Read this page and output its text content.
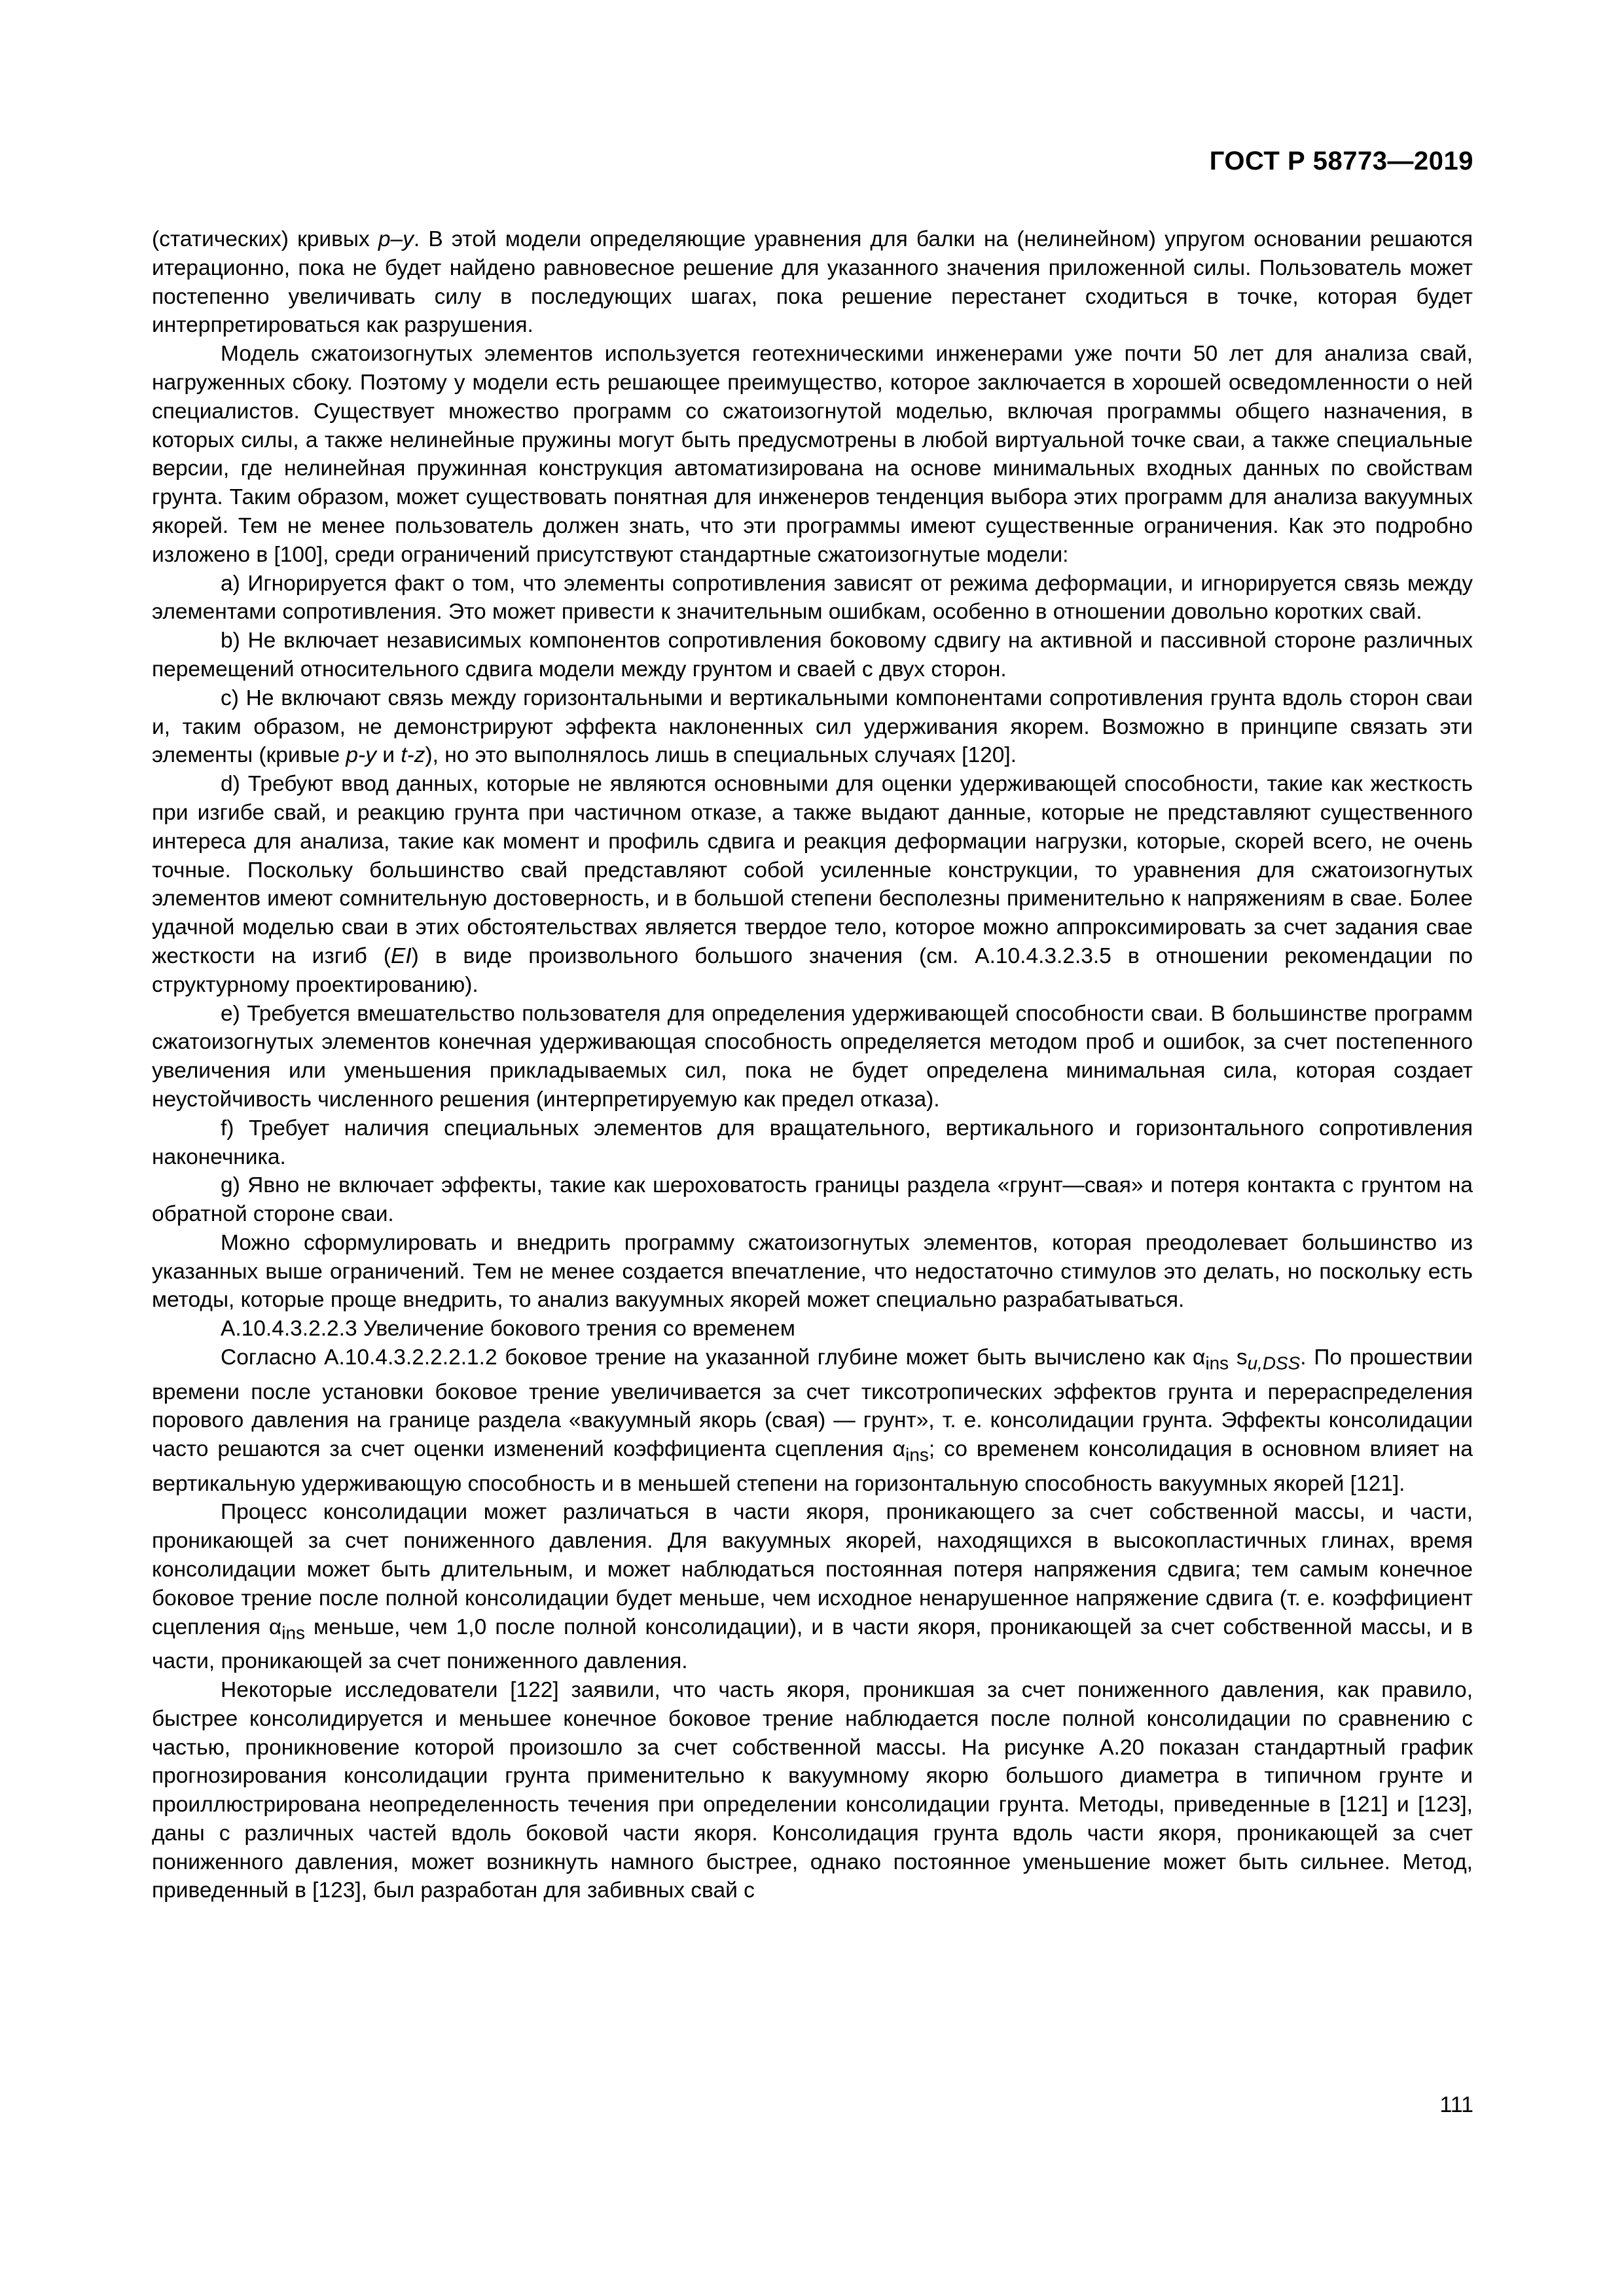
ГОСТ Р 58773—2019

(статических) кривых p–y. В этой модели определяющие уравнения для балки на (нелинейном) упругом основании решаются итерационно, пока не будет найдено равновесное решение для указанного значения приложенной силы. Пользователь может постепенно увеличивать силу в последующих шагах, пока решение перестанет сходиться в точке, которая будет интерпретироваться как разрушения.

Модель сжатоизогнутых элементов используется геотехническими инженерами уже почти 50 лет для анализа свай, нагруженных сбоку. Поэтому у модели есть решающее преимущество, которое заключается в хорошей осведомленности о ней специалистов. Существует множество программ со сжатоизогнутой моделью, включая программы общего назначения, в которых силы, а также нелинейные пружины могут быть предусмотрены в любой виртуальной точке сваи, а также специальные версии, где нелинейная пружинная конструкция автоматизирована на основе минимальных входных данных по свойствам грунта. Таким образом, может существовать понятная для инженеров тенденция выбора этих программ для анализа вакуумных якорей. Тем не менее пользователь должен знать, что эти программы имеют существенные ограничения. Как это подробно изложено в [100], среди ограничений присутствуют стандартные сжатоизогнутые модели:

a) Игнорируется факт о том, что элементы сопротивления зависят от режима деформации, и игнорируется связь между элементами сопротивления. Это может привести к значительным ошибкам, особенно в отношении довольно коротких свай.

b) Не включает независимых компонентов сопротивления боковому сдвигу на активной и пассивной стороне различных перемещений относительного сдвига модели между грунтом и сваей с двух сторон.

c) Не включают связь между горизонтальными и вертикальными компонентами сопротивления грунта вдоль сторон сваи и, таким образом, не демонстрируют эффекта наклоненных сил удерживания якорем. Возможно в принципе связать эти элементы (кривые p-y и t-z), но это выполнялось лишь в специальных случаях [120].

d) Требуют ввод данных, которые не являются основными для оценки удерживающей способности, такие как жесткость при изгибе свай, и реакцию грунта при частичном отказе, а также выдают данные, которые не представляют существенного интереса для анализа, такие как момент и профиль сдвига и реакция деформации нагрузки, которые, скорей всего, не очень точные. Поскольку большинство свай представляют собой усиленные конструкции, то уравнения для сжатоизогнутых элементов имеют сомнительную достоверность, и в большой степени бесполезны применительно к напряжениям в свае. Более удачной моделью сваи в этих обстоятельствах является твердое тело, которое можно аппроксимировать за счет задания сваe жесткости на изгиб (EI) в виде произвольного большого значения (см. А.10.4.3.2.3.5 в отношении рекомендации по структурному проектированию).

e) Требуется вмешательство пользователя для определения удерживающей способности сваи. В большинстве программ сжатоизогнутых элементов конечная удерживающая способность определяется методом проб и ошибок, за счет постепенного увеличения или уменьшения прикладываемых сил, пока не будет определена минимальная сила, которая создает неустойчивость численного решения (интерпретируемую как предел отказа).

f) Требует наличия специальных элементов для вращательного, вертикального и горизонтального сопротивления наконечника.

g) Явно не включает эффекты, такие как шероховатость границы раздела «грунт—свая» и потеря контакта с грунтом на обратной стороне сваи.

Можно сформулировать и внедрить программу сжатоизогнутых элементов, которая преодолевает большинство из указанных выше ограничений. Тем не менее создается впечатление, что недостаточно стимулов это делать, но поскольку есть методы, которые проще внедрить, то анализ вакуумных якорей может специально разрабатываться.

А.10.4.3.2.2.3 Увеличение бокового трения со временем

Согласно А.10.4.3.2.2.2.1.2 боковое трение на указанной глубине может быть вычислено как $\alpha_{ins}$ $s_{u,DSS}$. По прошествии времени после установки боковое трение увеличивается за счет тиксотропических эффектов грунта и перераспределения порового давления на границе раздела «вакуумный якорь (свая) — грунт», т. е. консолидации грунта. Эффекты консолидации часто решаются за счет оценки изменений коэффициента сцепления $\alpha_{ins}$; со временем консолидация в основном влияет на вертикальную удерживающую способность и в меньшей степени на горизонтальную способность вакуумных якорей [121].

Процесс консолидации может различаться в части якоря, проникающего за счет собственной массы, и части, проникающей за счет пониженного давления. Для вакуумных якорей, находящихся в высокопластичных глинах, время консолидации может быть длительным, и может наблюдаться постоянная потеря напряжения сдвига; тем самым конечное боковое трение после полной консолидации будет меньше, чем исходное ненарушенное напряжение сдвига (т. е. коэффициент сцепления $\alpha_{ins}$ меньше, чем 1,0 после полной консолидации), и в части якоря, проникающей за счет собственной массы, и в части, проникающей за счет пониженного давления.

Некоторые исследователи [122] заявили, что часть якоря, проникшая за счет пониженного давления, как правило, быстрее консолидируется и меньшее конечное боковое трение наблюдается после полной консолидации по сравнению с частью, проникновение которой произошло за счет собственной массы. На рисунке А.20 показан стандартный график прогнозирования консолидации грунта применительно к вакуумному якорю большого диаметра в типичном грунте и проиллюстрирована неопределенность течения при определении консолидации грунта. Методы, приведенные в [121] и [123], даны с различных частей вдоль боковой части якоря. Консолидация грунта вдоль части якоря, проникающей за счет пониженного давления, может возникнуть намного быстрее, однако постоянное уменьшение может быть сильнее. Метод, приведенный в [123], был разработан для забивных свай с

111
